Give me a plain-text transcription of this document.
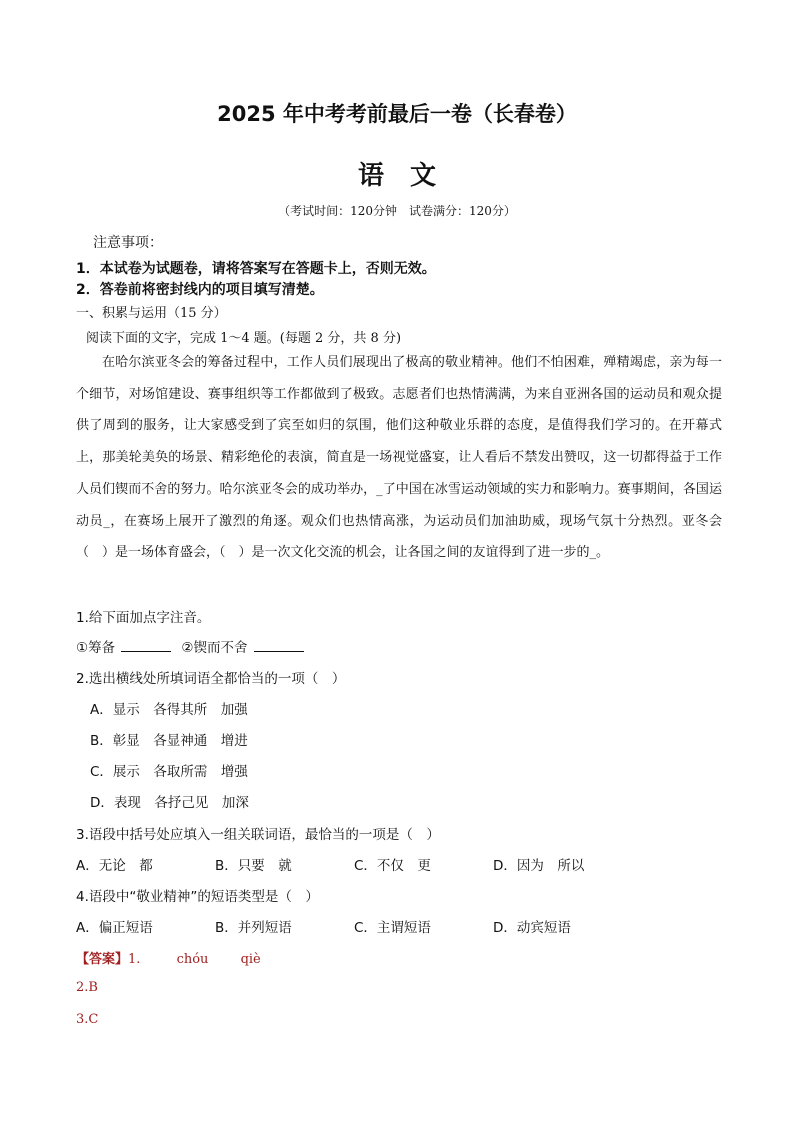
2025 年中考考前最后一卷（长春卷）
语文
（考试时间：120分钟　试卷满分：120分）
注意事项：
1．本试卷为试题卷，请将答案写在答题卡上，否则无效。
2．答卷前将密封线内的项目填写清楚。
一、积累与运用（15 分）
阅读下面的文字，完成 1～4 题。(每题 2 分，共 8 分)
在哈尔滨亚冬会的筹备过程中，工作人员们展现出了极高的敬业精神。他们不怕困难，殚精竭虑，亲为每一个细节，对场馆建设、赛事组织等工作都做到了极致。志愿者们也热情满满，为来自亚洲各国的运动员和观众提供了周到的服务，让大家感受到了宾至如归的氛围，他们这种敬业乐群的态度，是值得我们学习的。在开幕式上，那美轮美奂的场景、精彩绝伦的表演，简直是一场视觉盛宴，让人看后不禁发出赞叹，这一切都得益于工作人员们锲而不舍的努力。哈尔滨亚冬会的成功举办，_了中国在冰雪运动领域的实力和影响力。赛事期间，各国运动员_，在赛场上展开了激烈的角逐。观众们也热情高涨，为运动员们加油助威，现场气氛十分热烈。亚冬会（　）是一场体育盛会，（　）是一次文化交流的机会，让各国之间的友谊得到了进一步的_。
1.给下面加点字注音。
①筹备	②锲而不舍
2.选出横线处所填词语全都恰当的一项（　）
A．显示　各得其所　加强
B．彰显　各显神通　增进
C．展示　各取所需　增强
D．表现　各抒己见　加深
3.语段中括号处应填入一组关联词语，最恰当的一项是（　）
A．无论　都	B．只要　就	C．不仅　更	D．因为　所以
4.语段中“敬业精神”的短语类型是（　）
A．偏正短语	B．并列短语	C．主谓短语	D．动宾短语
【答案】1.	chóu qiè
2.B
3.C
